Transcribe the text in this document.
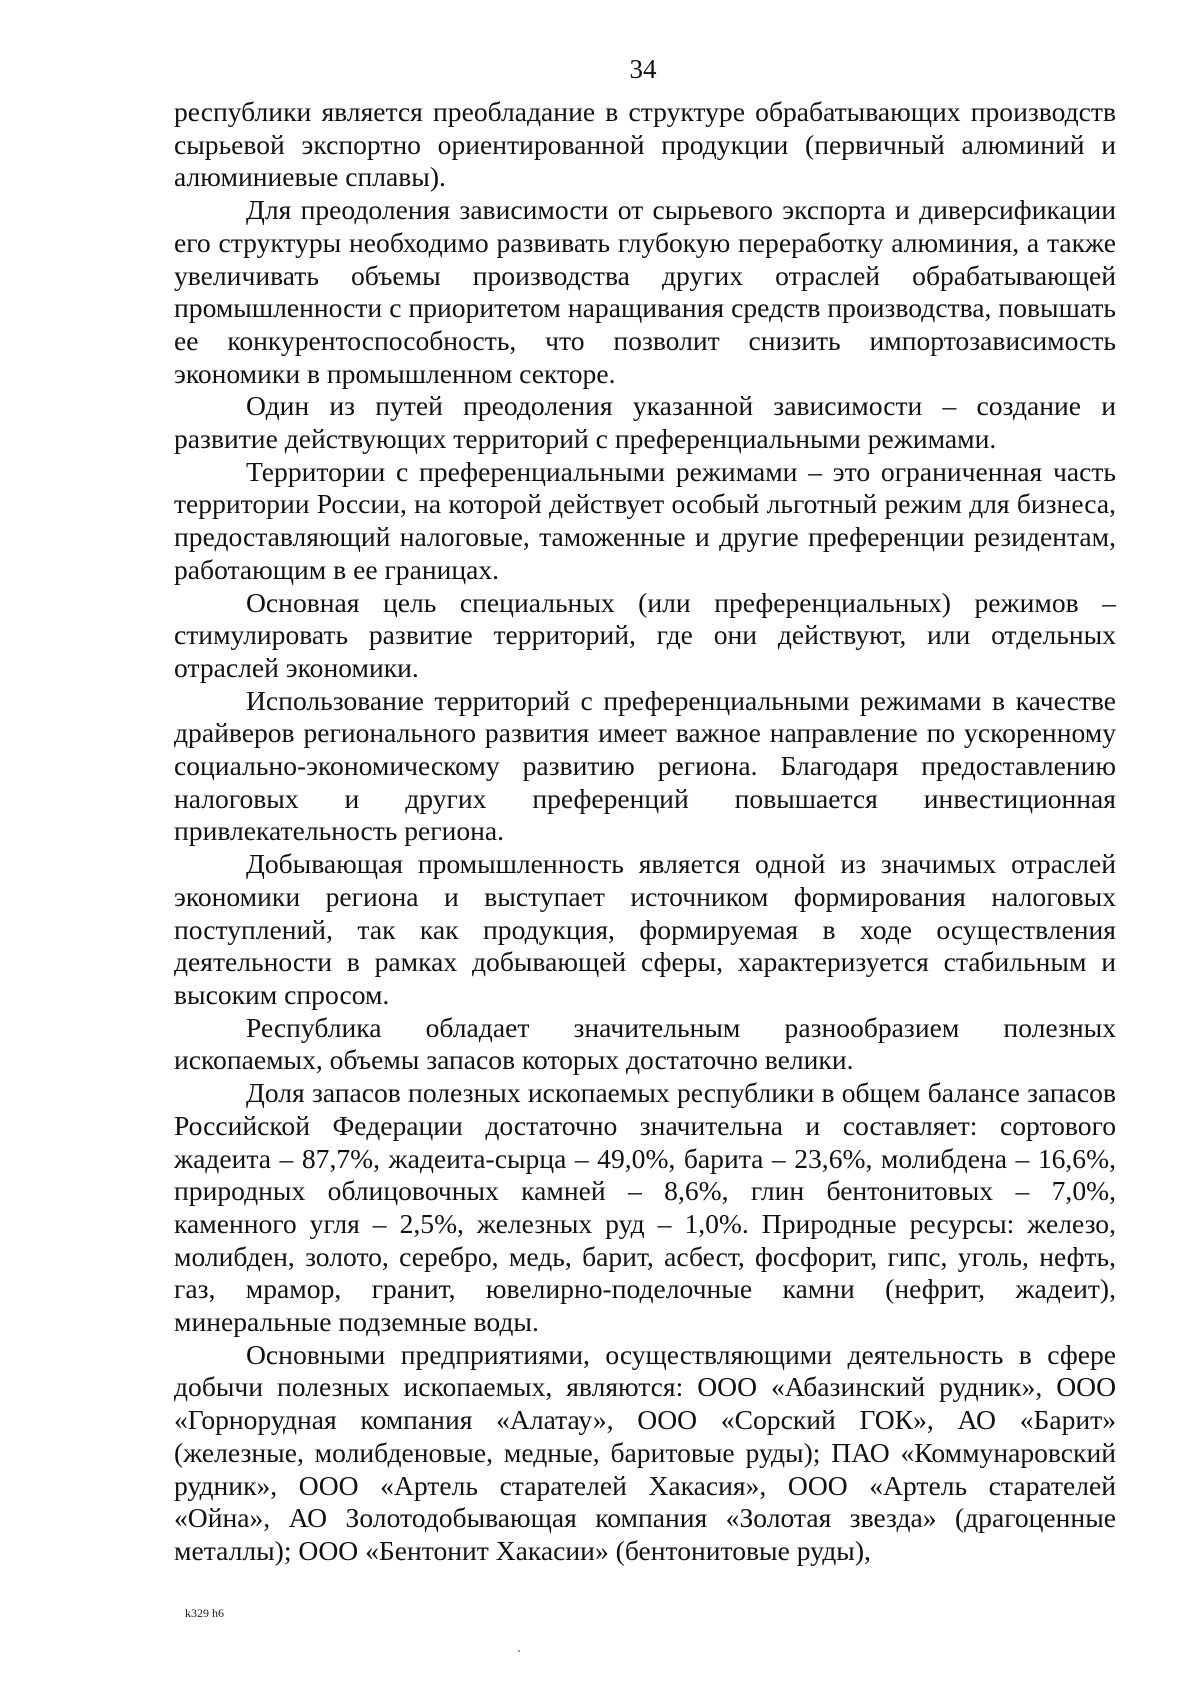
34

республики является преобладание в структуре обрабатывающих производств сырьевой экспортно ориентированной продукции (первичный алюминий и алюминиевые сплавы).

Для преодоления зависимости от сырьевого экспорта и диверсификации его структуры необходимо развивать глубокую переработку алюминия, а также увеличивать объемы производства других отраслей обрабатывающей промышленности с приоритетом наращивания средств производства, повышать ее конкурентоспособность, что позволит снизить импортозависимость экономики в промышленном секторе.

Один из путей преодоления указанной зависимости – создание и развитие действующих территорий с преференциальными режимами.

Территории с преференциальными режимами – это ограниченная часть территории России, на которой действует особый льготный режим для бизнеса, предоставляющий налоговые, таможенные и другие преференции резидентам, работающим в ее границах.

Основная цель специальных (или преференциальных) режимов – стимулировать развитие территорий, где они действуют, или отдельных отраслей экономики.

Использование территорий с преференциальными режимами в качестве драйверов регионального развития имеет важное направление по ускоренному социально-экономическому развитию региона. Благодаря предоставлению налоговых и других преференций повышается инвестиционная привлекательность региона.

Добывающая промышленность является одной из значимых отраслей экономики региона и выступает источником формирования налоговых поступлений, так как продукция, формируемая в ходе осуществления деятельности в рамках добывающей сферы, характеризуется стабильным и высоким спросом.

Республика обладает значительным разнообразием полезных ископаемых, объемы запасов которых достаточно велики.

Доля запасов полезных ископаемых республики в общем балансе запасов Российской Федерации достаточно значительна и составляет: сортового жадеита – 87,7%, жадеита-сырца – 49,0%, барита – 23,6%, молибдена – 16,6%, природных облицовочных камней – 8,6%, глин бентонитовых – 7,0%, каменного угля – 2,5%, железных руд – 1,0%. Природные ресурсы: железо, молибден, золото, серебро, медь, барит, асбест, фосфорит, гипс, уголь, нефть, газ, мрамор, гранит, ювелирно-поделочные камни (нефрит, жадеит), минеральные подземные воды.

Основными предприятиями, осуществляющими деятельность в сфере добычи полезных ископаемых, являются: ООО «Абазинский рудник», ООО «Горнорудная компания «Алатау», ООО «Сорский ГОК», АО «Барит» (железные, молибденовые, медные, баритовые руды); ПАО «Коммунаровский рудник», ООО «Артель старателей Хакасия», ООО «Артель старателей «Ойна», АО Золотодобывающая компания «Золотая звезда» (драгоценные металлы); ООО «Бентонит Хакасии» (бентонитовые руды),

k329 h6
